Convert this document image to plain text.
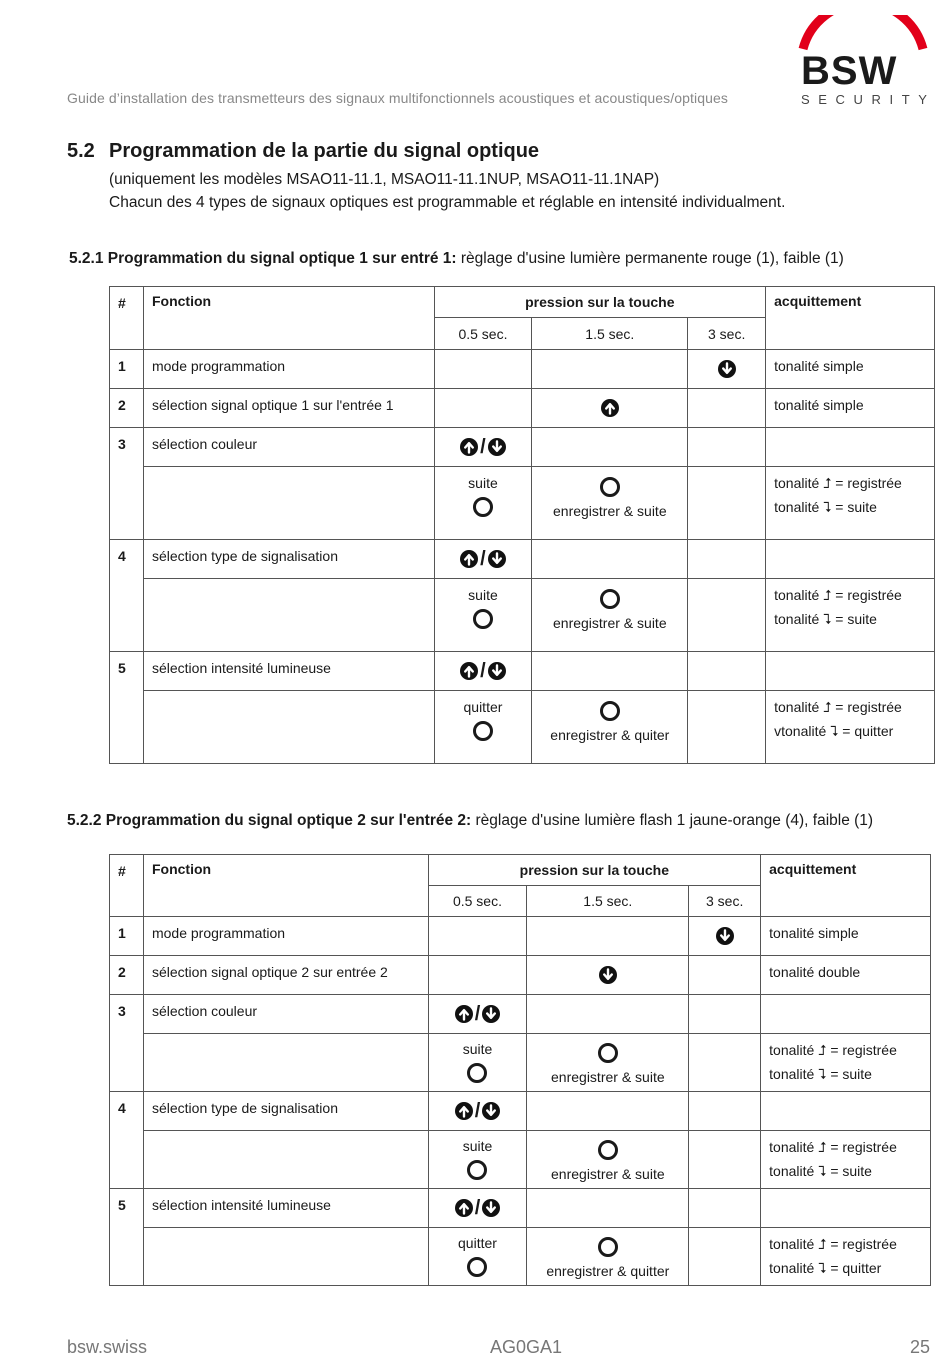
Guide d’installation des transmetteurs des signaux multifonctionnels acoustiques et acoustiques/optiques
BSW
SECURITY
5.2 Programmation de la partie du signal optique
(uniquement les modèles MSAO11-11.1, MSAO11-11.1NUP, MSAO11-11.1NAP)
Chacun des 4 types de signaux optiques est programmable et réglable en intensité individualment.
5.2.1 Programmation du signal optique 1 sur entré 1: règlage d'usine lumière permanente rouge (1), faible (1)
#	Fonction	pression sur la touche			acquittement
		0.5 sec.	1.5 sec.	3 sec.	
1	mode programmation				tonalité simple
2	sélection signal optique 1 sur l'entrée 1				tonalité simple
3	sélection couleur	/

		suite	enregistrer & suite		tonalité ⮥ = registrée
tonalité ⮧ = suite

4	sélection type de signalisation	/

		suite	enregistrer & suite		tonalité ⮥ = registrée
tonalité ⮧ = suite

5	sélection intensité lumineuse	/

		quitter	enregistrer & quiter		tonalité ⮥ = registrée
vtonalité ⮧ = quitter
5.2.2 Programmation du signal optique 2 sur l'entrée 2: règlage d'usine lumière flash 1 jaune-orange (4), faible (1)
#	Fonction	pression sur la touche			acquittement
		0.5 sec.	1.5 sec.	3 sec.	
1	mode programmation				tonalité simple
2	sélection signal optique 2 sur entrée 2				tonalité double
3	sélection couleur	/

		suite	enregistrer & suite		tonalité ⮥ = registrée
tonalité ⮧ = suite

4	sélection type de signalisation	/

		suite	enregistrer & suite		tonalité ⮥ = registrée
tonalité ⮧ = suite

5	sélection intensité lumineuse	/

		quitter	enregistrer & quitter		tonalité ⮥ = registrée
tonalité ⮧ = quitter
bsw.swiss	AG0GA1	25
